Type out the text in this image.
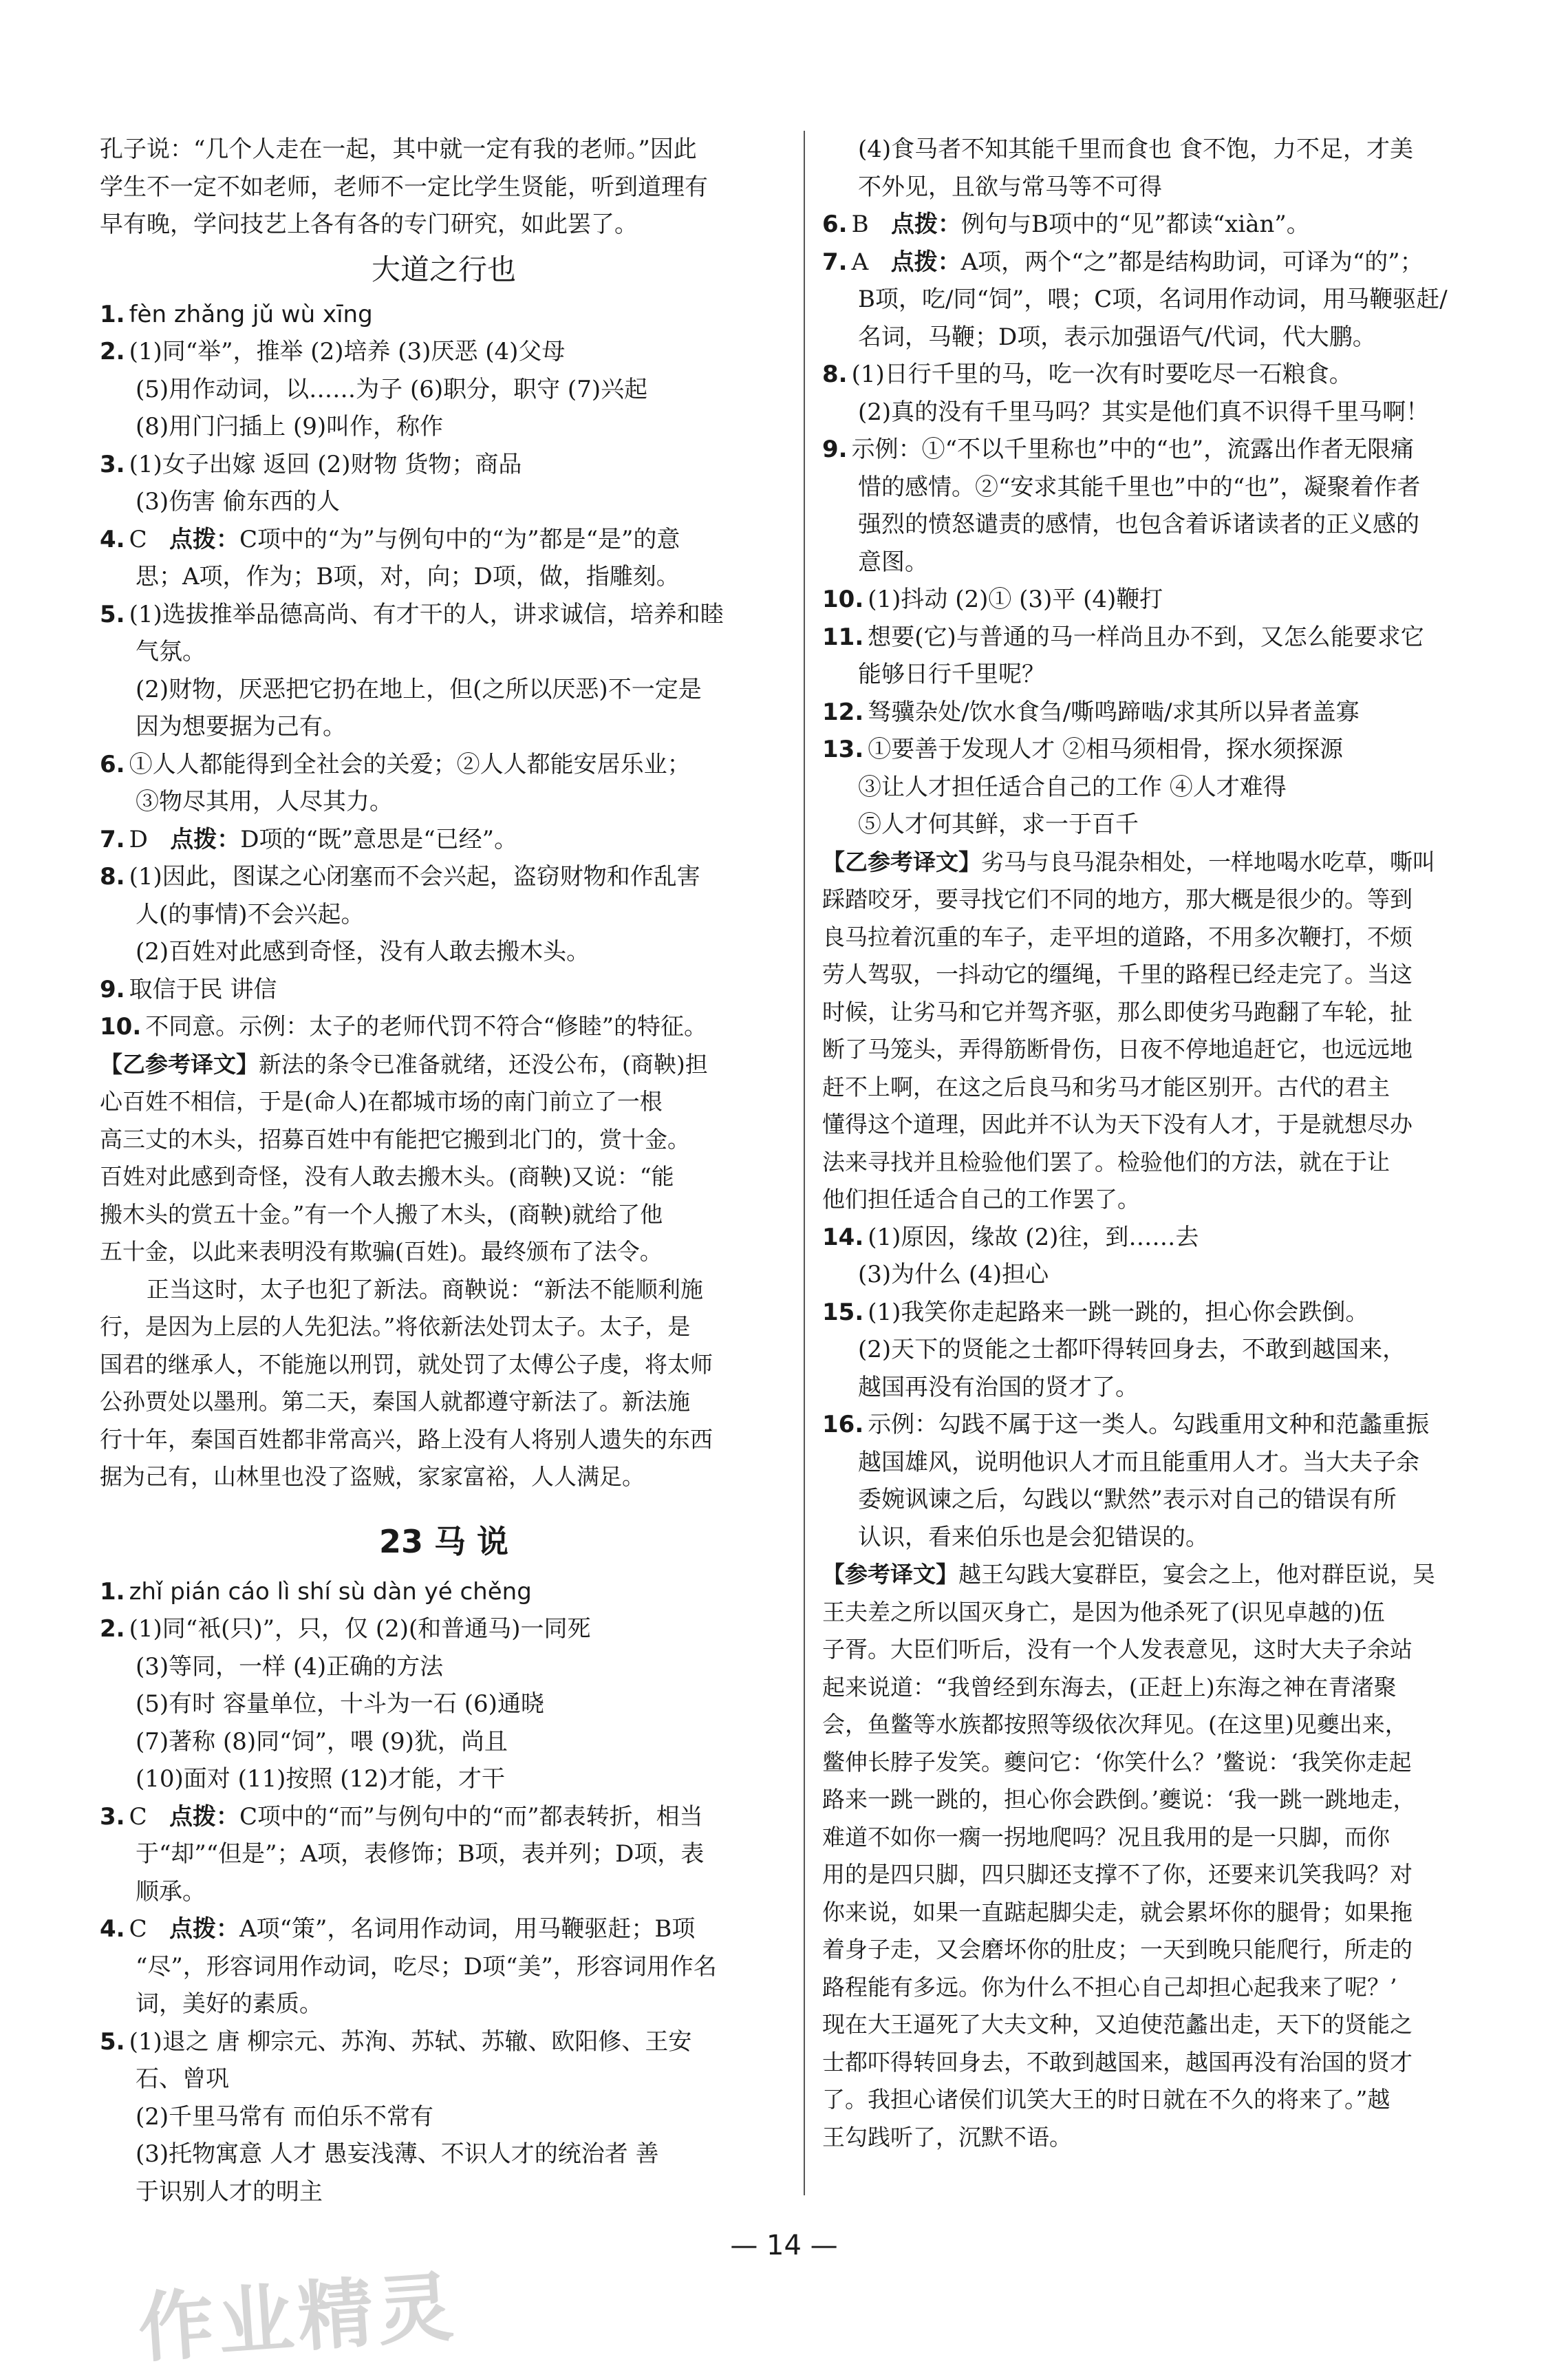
孔子说：“几个人走在一起，其中就一定有我的老师。”因此
学生不一定不如老师，老师不一定比学生贤能，听到道理有
早有晚，学问技艺上各有各的专门研究，如此罢了。
大道之行也
1. fèn zhǎng jǔ wù xīng
2. (1)同“举”，推举 (2)培养 (3)厌恶 (4)父母
(5)用作动词，以……为子 (6)职分，职守 (7)兴起
(8)用门闩插上 (9)叫作，称作
3. (1)女子出嫁 返回 (2)财物 货物；商品
(3)伤害 偷东西的人
4. C 点拨：C项中的“为”与例句中的“为”都是“是”的意
思；A项，作为；B项，对，向；D项，做，指雕刻。
5. (1)选拔推举品德高尚、有才干的人，讲求诚信，培养和睦
气氛。
(2)财物，厌恶把它扔在地上，但(之所以厌恶)不一定是
因为想要据为己有。
6. ①人人都能得到全社会的关爱；②人人都能安居乐业；
③物尽其用，人尽其力。
7. D 点拨：D项的“既”意思是“已经”。
8. (1)因此，图谋之心闭塞而不会兴起，盗窃财物和作乱害
人(的事情)不会兴起。
(2)百姓对此感到奇怪，没有人敢去搬木头。
9. 取信于民 讲信
10. 不同意。示例：太子的老师代罚不符合“修睦”的特征。
【乙参考译文】新法的条令已准备就绪，还没公布，(商鞅)担
心百姓不相信，于是(命人)在都城市场的南门前立了一根
高三丈的木头，招募百姓中有能把它搬到北门的，赏十金。
百姓对此感到奇怪，没有人敢去搬木头。(商鞅)又说：“能
搬木头的赏五十金。”有一个人搬了木头，(商鞅)就给了他
五十金，以此来表明没有欺骗(百姓)。最终颁布了法令。
正当这时，太子也犯了新法。商鞅说：“新法不能顺利施
行，是因为上层的人先犯法。”将依新法处罚太子。太子，是
国君的继承人，不能施以刑罚，就处罚了太傅公子虔，将太师
公孙贾处以墨刑。第二天，秦国人就都遵守新法了。新法施
行十年，秦国百姓都非常高兴，路上没有人将别人遗失的东西
据为己有，山林里也没了盗贼，家家富裕，人人满足。
23 马 说
1. zhǐ pián cáo lì shí sù dàn yé chěng
2. (1)同“衹(只)”，只，仅 (2)(和普通马)一同死
(3)等同，一样 (4)正确的方法
(5)有时 容量单位，十斗为一石 (6)通晓
(7)著称 (8)同“饲”，喂 (9)犹，尚且
(10)面对 (11)按照 (12)才能，才干
3. C 点拨：C项中的“而”与例句中的“而”都表转折，相当
于“却”“但是”；A项，表修饰；B项，表并列；D项，表
顺承。
4. C 点拨：A项“策”，名词用作动词，用马鞭驱赶；B项
“尽”，形容词用作动词，吃尽；D项“美”，形容词用作名
词，美好的素质。
5. (1)退之 唐 柳宗元、苏洵、苏轼、苏辙、欧阳修、王安
石、曾巩
(2)千里马常有 而伯乐不常有
(3)托物寓意 人才 愚妄浅薄、不识人才的统治者 善
于识别人才的明主
(4)食马者不知其能千里而食也 食不饱，力不足，才美
不外见，且欲与常马等不可得
6. B 点拨：例句与B项中的“见”都读“xiàn”。
7. A 点拨：A项，两个“之”都是结构助词，可译为“的”；
B项，吃/同“饲”，喂；C项，名词用作动词，用马鞭驱赶/
名词，马鞭；D项，表示加强语气/代词，代大鹏。
8. (1)日行千里的马，吃一次有时要吃尽一石粮食。
(2)真的没有千里马吗？其实是他们真不识得千里马啊！
9. 示例：①“不以千里称也”中的“也”，流露出作者无限痛
惜的感情。②“安求其能千里也”中的“也”，凝聚着作者
强烈的愤怒谴责的感情，也包含着诉诸读者的正义感的
意图。
10. (1)抖动 (2)① (3)平 (4)鞭打
11. 想要(它)与普通的马一样尚且办不到，又怎么能要求它
能够日行千里呢？
12. 驽骥杂处/饮水食刍/嘶鸣蹄啮/求其所以异者盖寡
13. ①要善于发现人才 ②相马须相骨，探水须探源
③让人才担任适合自己的工作 ④人才难得
⑤人才何其鲜，求一于百千
【乙参考译文】劣马与良马混杂相处，一样地喝水吃草，嘶叫
踩踏咬牙，要寻找它们不同的地方，那大概是很少的。等到
良马拉着沉重的车子，走平坦的道路，不用多次鞭打，不烦
劳人驾驭，一抖动它的缰绳，千里的路程已经走完了。当这
时候，让劣马和它并驾齐驱，那么即使劣马跑翻了车轮，扯
断了马笼头，弄得筋断骨伤，日夜不停地追赶它，也远远地
赶不上啊，在这之后良马和劣马才能区别开。古代的君主
懂得这个道理，因此并不认为天下没有人才，于是就想尽办
法来寻找并且检验他们罢了。检验他们的方法，就在于让
他们担任适合自己的工作罢了。
14. (1)原因，缘故 (2)往，到……去
(3)为什么 (4)担心
15. (1)我笑你走起路来一跳一跳的，担心你会跌倒。
(2)天下的贤能之士都吓得转回身去，不敢到越国来，
越国再没有治国的贤才了。
16. 示例：勾践不属于这一类人。勾践重用文种和范蠡重振
越国雄风，说明他识人才而且能重用人才。当大夫子余
委婉讽谏之后，勾践以“默然”表示对自己的错误有所
认识，看来伯乐也是会犯错误的。
【参考译文】越王勾践大宴群臣，宴会之上，他对群臣说，吴
王夫差之所以国灭身亡，是因为他杀死了(识见卓越的)伍
子胥。大臣们听后，没有一个人发表意见，这时大夫子余站
起来说道：“我曾经到东海去，(正赶上)东海之神在青渚聚
会，鱼鳖等水族都按照等级依次拜见。(在这里)见夔出来，
鳖伸长脖子发笑。夔问它：‘你笑什么？’鳖说：‘我笑你走起
路来一跳一跳的，担心你会跌倒。’夔说：‘我一跳一跳地走，
难道不如你一瘸一拐地爬吗？况且我用的是一只脚，而你
用的是四只脚，四只脚还支撑不了你，还要来讥笑我吗？对
你来说，如果一直踮起脚尖走，就会累坏你的腿骨；如果拖
着身子走，又会磨坏你的肚皮；一天到晚只能爬行，所走的
路程能有多远。你为什么不担心自己却担心起我来了呢？’
现在大王逼死了大夫文种，又迫使范蠡出走，天下的贤能之
士都吓得转回身去，不敢到越国来，越国再没有治国的贤才
了。我担心诸侯们讥笑大王的时日就在不久的将来了。”越
王勾践听了，沉默不语。
— 14 —
作业精灵
